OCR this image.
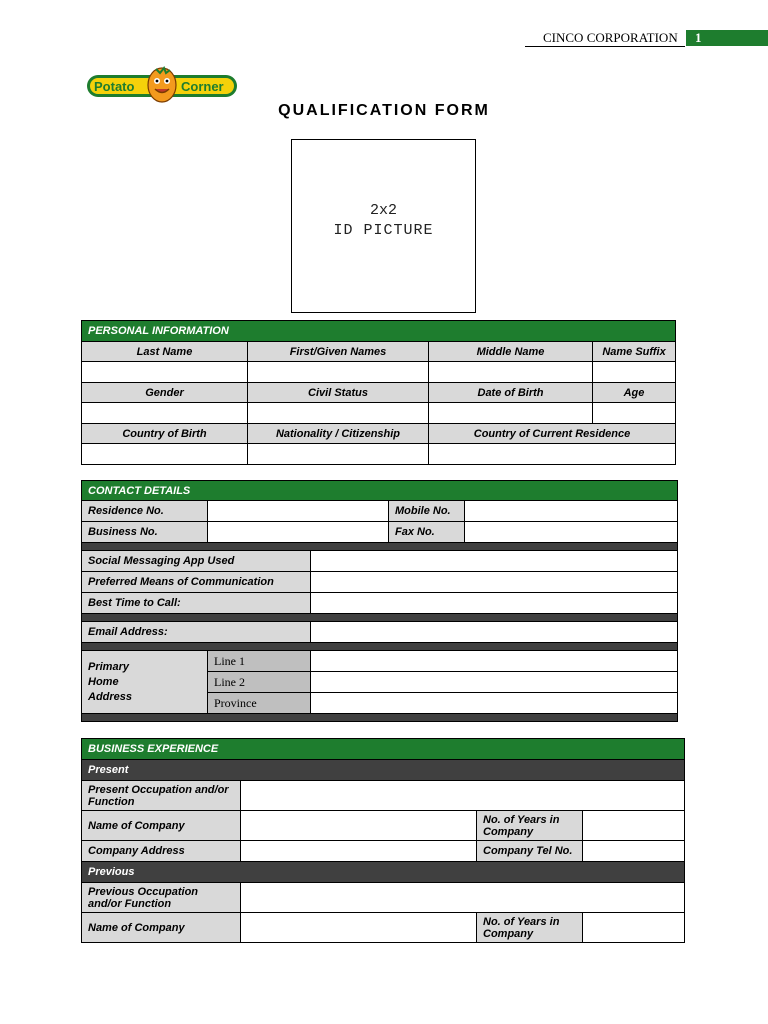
CINCO CORPORATION	1
Potato	Corner
QUALIFICATION FORM
2x2
ID PICTURE
PERSONAL INFORMATION			
Last Name	First/Given Names	Middle Name	Name Suffix

Gender	Civil Status	Date of Birth	Age

Country of Birth	Nationality / Citizenship	Country of Current Residence	

CONTACT DETAILS				
Residence No.			Mobile No.	
Business No.			Fax No.	

Social Messaging App Used				
Preferred Means of Communication				
Best Time to Call:				

Email Address:				

Primary
Home
Address	Line 1			
	Line 2			
	Province			

BUSINESS EXPERIENCE			
Present			
Present Occupation and/or Function			
Name of Company		No. of Years in Company	
Company Address		Company Tel No.	
Previous			
Previous Occupation and/or Function			
Name of Company		No. of Years in Company	
